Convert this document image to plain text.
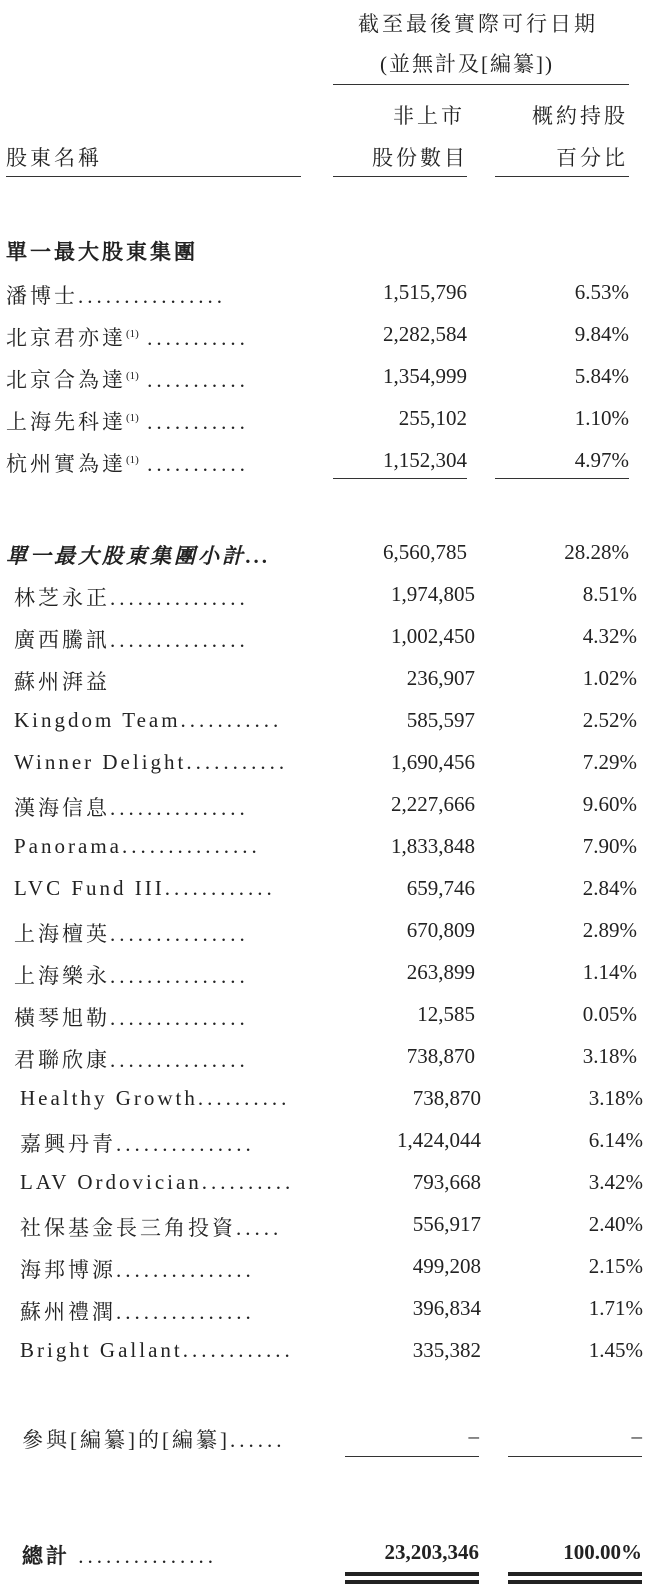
截至最後實際可行日期
(並無計及[編纂])
非上市
股份數目
概約持股
百分比
股東名稱
單一最大股東集團
潘博士................	1,515,796	6.53%
北京君亦達$^{(1)}$ ...........	2,282,584	9.84%
北京合為達$^{(1)}$ ...........	1,354,999	5.84%
上海先科達$^{(1)}$ ...........	255,102	1.10%
杭州實為達$^{(1)}$ ...........	1,152,304	4.97%
單一最大股東集團小計...	6,560,785	28.28%
林芝永正...............	1,974,805	8.51%
廣西騰訊...............	1,002,450	4.32%
蘇州湃益	236,907	1.02%
Kingdom Team...........	585,597	2.52%
Winner Delight...........	1,690,456	7.29%
漢海信息...............	2,227,666	9.60%
Panorama...............	1,833,848	7.90%
LVC Fund III............	659,746	2.84%
上海檀英...............	670,809	2.89%
上海樂永...............	263,899	1.14%
橫琴旭勒...............	12,585	0.05%
君聯欣康...............	738,870	3.18%
Healthy Growth..........	738,870	3.18%
嘉興丹青...............	1,424,044	6.14%
LAV Ordovician..........	793,668	3.42%
社保基金長三角投資.....	556,917	2.40%
海邦博源...............	499,208	2.15%
蘇州禮潤...............	396,834	1.71%
Bright Gallant............	335,382	1.45%
參與[編纂]的[編纂]......	–	–
總計 ...............	23,203,346	100.00%
